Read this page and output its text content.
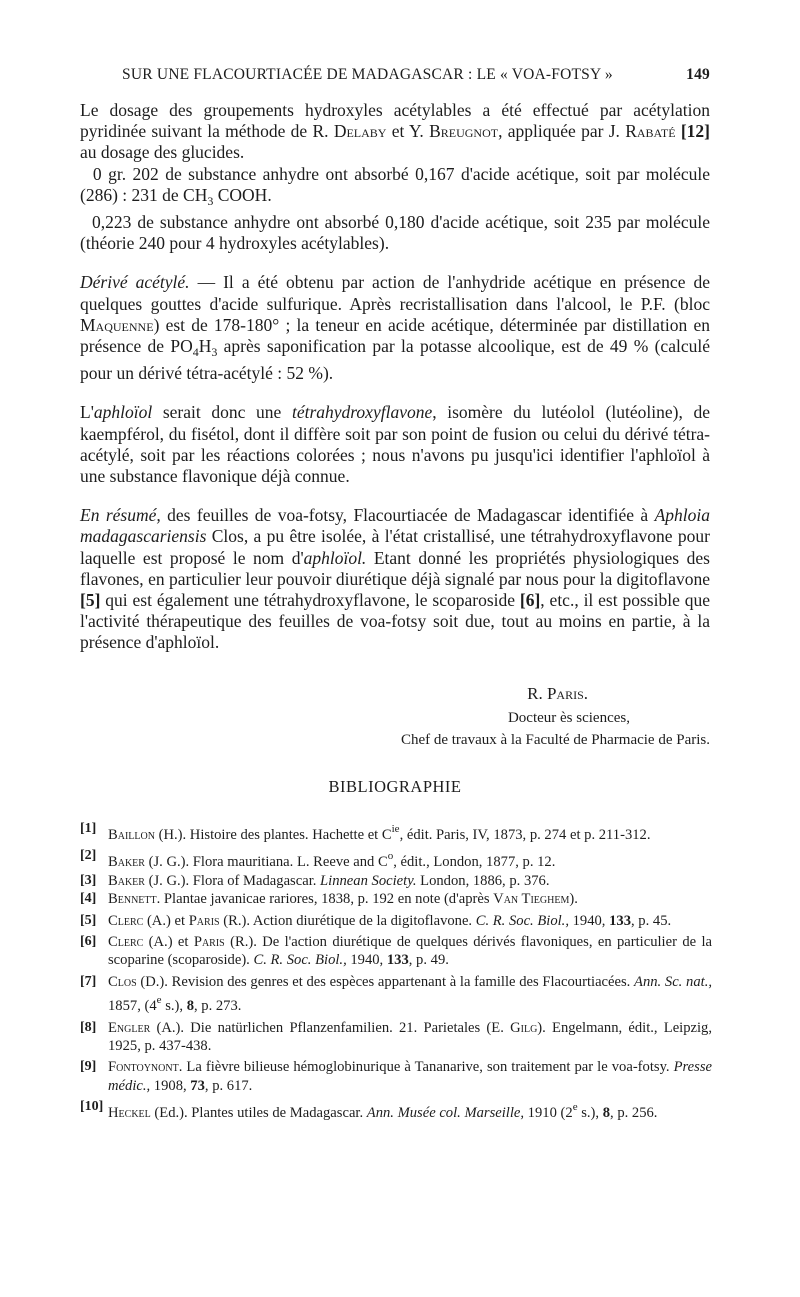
SUR UNE FLACOURTIACÉE DE MADAGASCAR : LE « VOA-FOTSY »	149

Le dosage des groupements hydroxyles acétylables a été effectué par acétylation pyridinée suivant la méthode de R. Delaby et Y. Breugnot, appliquée par J. Rabaté [12] au dosage des glucides.

0 gr. 202 de substance anhydre ont absorbé 0,167 d'acide acétique, soit par molécule (286) : 231 de $CH_3$ COOH.

0,223 de substance anhydre ont absorbé 0,180 d'acide acétique, soit 235 par molécule (théorie 240 pour 4 hydroxyles acétylables).

Dérivé acétylé. — Il a été obtenu par action de l'anhydride acétique en présence de quelques gouttes d'acide sulfurique. Après recristallisation dans l'alcool, le P.F. (bloc Maquenne) est de 178-180° ; la teneur en acide acétique, déterminée par distillation en présence de $PO_4H_3$ après saponification par la potasse alcoolique, est de 49 % (calculé pour un dérivé tétra-acétylé : 52 %).

L'aphloïol serait donc une tétrahydroxyflavone, isomère du lutéolol (lutéoline), de kaempférol, du fisétol, dont il diffère soit par son point de fusion ou celui du dérivé tétra-acétylé, soit par les réactions colorées ; nous n'avons pu jusqu'ici identifier l'aphloïol à une substance flavonique déjà connue.

En résumé, des feuilles de voa-fotsy, Flacourtiacée de Madagascar identifiée à Aphloia madagascariensis Clos, a pu être isolée, à l'état cristallisé, une tétrahydroxyflavone pour laquelle est proposé le nom d'aphloïol. Etant donné les propriétés physiologiques des flavones, en particulier leur pouvoir diurétique déjà signalé par nous pour la digitoflavone [5] qui est également une tétrahydroxyflavone, le scoparoside [6], etc., il est possible que l'activité thérapeutique des feuilles de voa-fotsy soit due, tout au moins en partie, à la présence d'aphloïol.

R. Paris.
Docteur ès sciences,
Chef de travaux à la Faculté de Pharmacie de Paris.
BIBLIOGRAPHIE

[1] Baillon (H.). Histoire des plantes. Hachette et $C^{ie}$, édit. Paris, IV, 1873, p. 274 et p. 211-312.

[2] Baker (J. G.). Flora mauritiana. L. Reeve and $C^o$, édit., London, 1877, p. 12.

[3] Baker (J. G.). Flora of Madagascar. Linnean Society. London, 1886, p. 376.

[4] Bennett. Plantae javanicae rariores, 1838, p. 192 en note (d'après Van Tieghem).

[5] Clerc (A.) et Paris (R.). Action diurétique de la digitoflavone. C. R. Soc. Biol., 1940, 133, p. 45.

[6] Clerc (A.) et Paris (R.). De l'action diurétique de quelques dérivés flavoniques, en particulier de la scoparine (scoparoside). C. R. Soc. Biol., 1940, 133, p. 49.

[7] Clos (D.). Revision des genres et des espèces appartenant à la famille des Flacourtiacées. Ann. Sc. nat., 1857, (4e s.), 8, p. 273.

[8] Engler (A.). Die natürlichen Pflanzenfamilien. 21. Parietales (E. Gilg). Engelmann, édit., Leipzig, 1925, p. 437-438.

[9] Fontoynont. La fièvre bilieuse hémoglobinurique à Tananarive, son traitement par le voa-fotsy. Presse médic., 1908, 73, p. 617.

[10] Heckel (Ed.). Plantes utiles de Madagascar. Ann. Musée col. Marseille, 1910 (2e s.), 8, p. 256.
